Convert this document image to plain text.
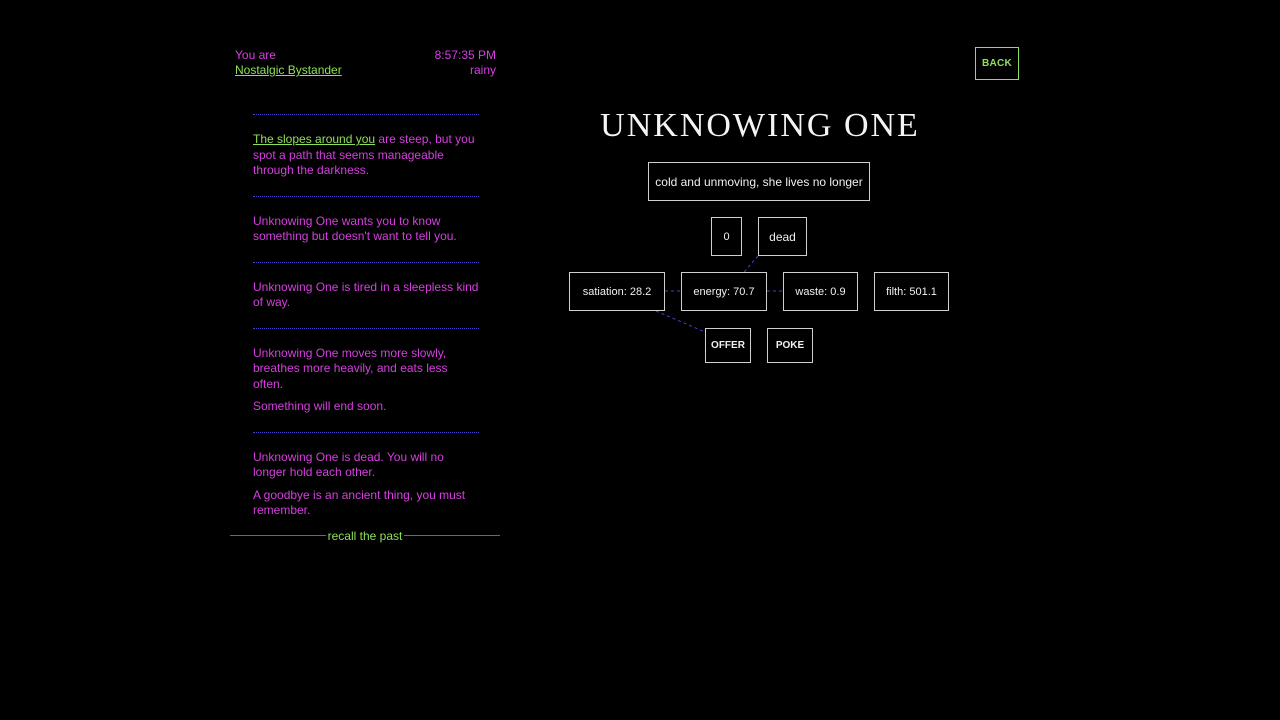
You are
Nostalgic Bystander
8:57:35 PM
rainy	BACK

The slopes around you are steep, but you spot a path that seems manageable through the darkness.

Unknowing One wants you to know something but doesn't want to tell you.

Unknowing One is tired in a sleepless kind of way.

Unknowing One moves more slowly, breathes more heavily, and eats less often.

Something will end soon.

Unknowing One is dead. You will no longer hold each other.

A goodbye is an ancient thing, you must remember.

recall the past
UNKNOWING ONE
cold and unmoving, she lives no longer
0	dead
satiation: 28.2	energy: 70.7	waste: 0.9	filth: 501.1
OFFER	POKE
